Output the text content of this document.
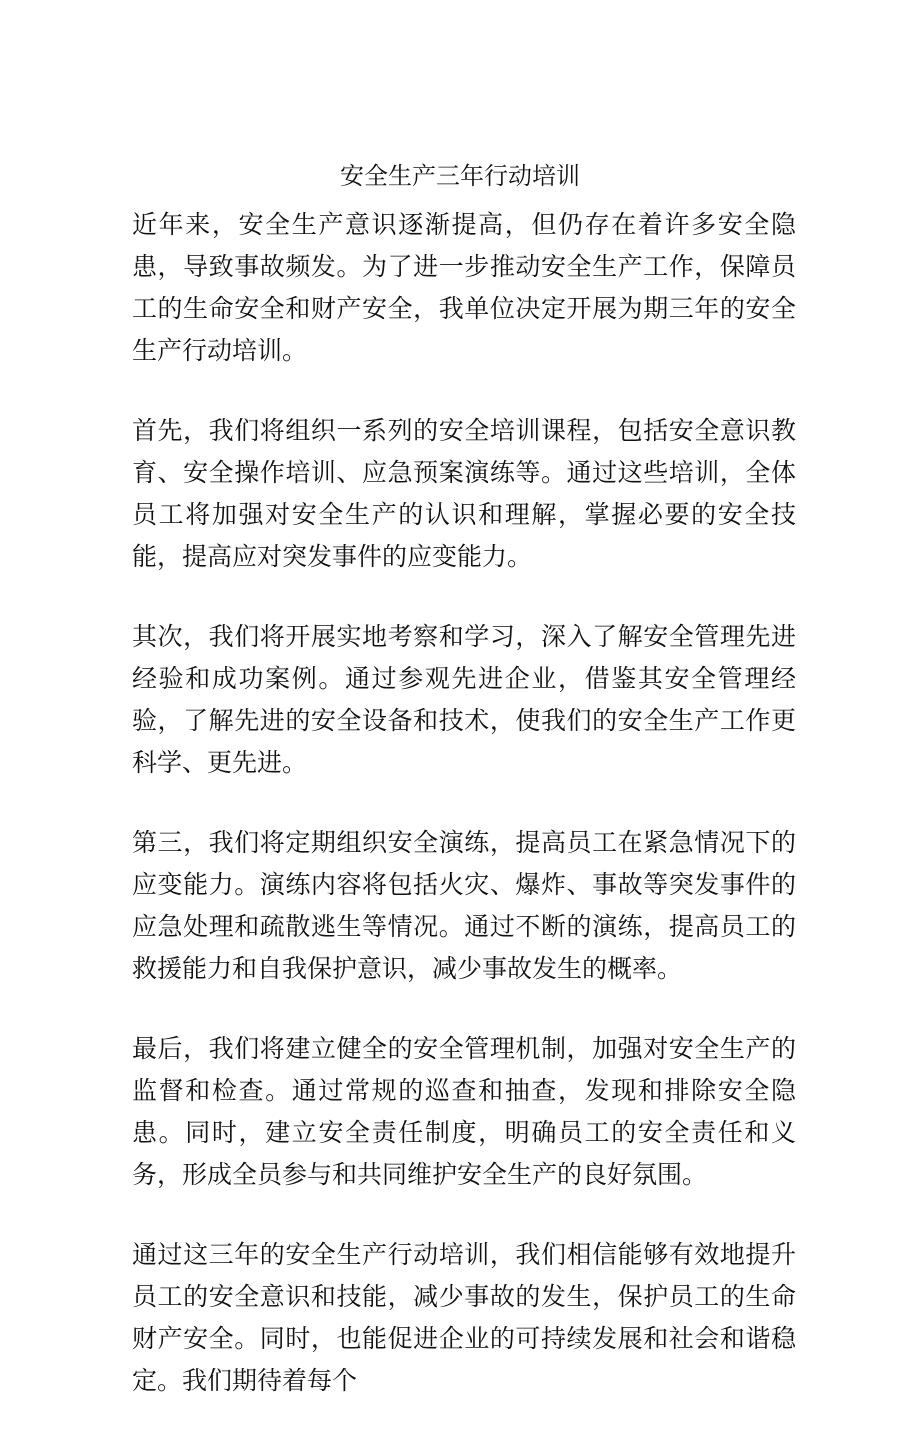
安全生产三年行动培训

近年来，安全生产意识逐渐提高，但仍存在着许多安全隐患，导致事故频发。为了进一步推动安全生产工作，保障员工的生命安全和财产安全，我单位决定开展为期三年的安全生产行动培训。

首先，我们将组织一系列的安全培训课程，包括安全意识教育、安全操作培训、应急预案演练等。通过这些培训，全体员工将加强对安全生产的认识和理解，掌握必要的安全技能，提高应对突发事件的应变能力。

其次，我们将开展实地考察和学习，深入了解安全管理先进经验和成功案例。通过参观先进企业，借鉴其安全管理经验，了解先进的安全设备和技术，使我们的安全生产工作更科学、更先进。

第三，我们将定期组织安全演练，提高员工在紧急情况下的应变能力。演练内容将包括火灾、爆炸、事故等突发事件的应急处理和疏散逃生等情况。通过不断的演练，提高员工的救援能力和自我保护意识，减少事故发生的概率。

最后，我们将建立健全的安全管理机制，加强对安全生产的监督和检查。通过常规的巡查和抽查，发现和排除安全隐患。同时，建立安全责任制度，明确员工的安全责任和义务，形成全员参与和共同维护安全生产的良好氛围。

通过这三年的安全生产行动培训，我们相信能够有效地提升员工的安全意识和技能，减少事故的发生，保护员工的生命财产安全。同时，也能促进企业的可持续发展和社会和谐稳定。我们期待着每个
